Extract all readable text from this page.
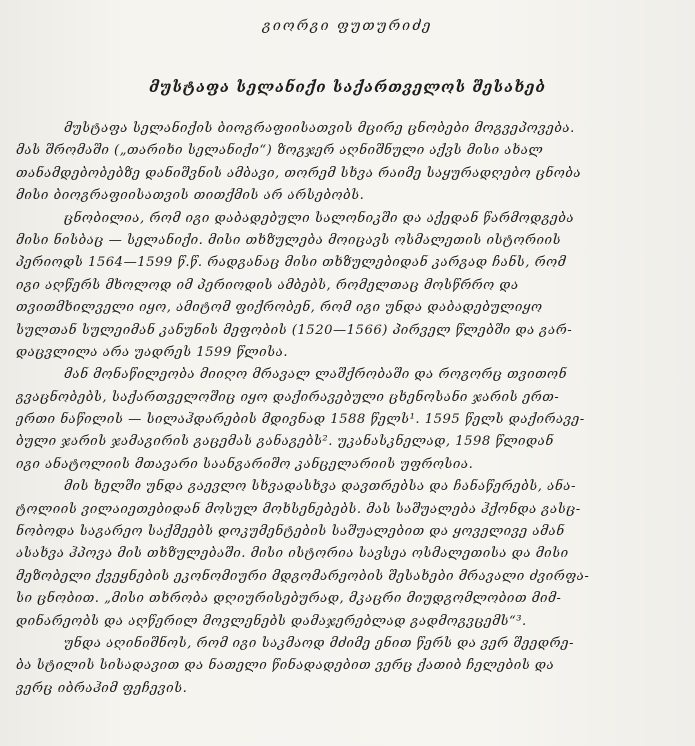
გიორგი ფუთურიძე
მუსტაფა სელანიქი საქართველოს შესახებ
მუსტაფა სელანიქის ბიოგრაფიისათვის მცირე ცნობები მოგვეპოვება.
მას შრომაში („თარიხი სელანიქი“) ზოგჯერ აღნიშნული აქვს მისი ახალ
თანამდებობებზე დანიშვნის ამბავი, თორემ სხვა რაიმე საყურადღებო ცნობა
მისი ბიოგრაფიისათვის თითქმის არ არსებობს.
ცნობილია, რომ იგი დაბადებული სალონიკში და აქედან წარმოდგება
მისი ნისბაც — სელანიქი. მისი თხზულება მოიცავს ოსმალეთის ისტორიის
პერიოდს 1564—1599 წ.წ. რადგანაც მისი თხზულებიდან კარგად ჩანს, რომ
იგი აღწერს მხოლოდ იმ პერიოდის ამბებს, რომელთაც მოსწრრო და
თვითმხილველი იყო, ამიტომ ფიქრობენ, რომ იგი უნდა დაბადებულიყო
სულთან სულეიმან კანუნის მეფობის (1520—1566) პირველ წლებში და გარ-
დაცვლილა არა უადრეს 1599 წლისა.
მან მონაწილეობა მიიღო მრავალ ლაშქრობაში და როგორც თვითონ
გვაცნობებს, საქართველოშიც იყო დაქირავებული ცხენოსანი ჯარის ერთ-
ერთი ნაწილის — სილაჰდარების მდივნად 1588 წელს¹. 1595 წელს დაქირავე-
ბული ჯარის ჯამაგირის გაცემას განაგებს². უკანასკნელად, 1598 წლიდან
იგი ანატოლიის მთავარი საანგარიშო კანცელარიის უფროსია.
მის ხელში უნდა გაევლო სხვადასხვა დავთრებსა და ჩანაწერებს, ანა-
ტოლიის ვილაიეთებიდან მოსულ მოხსენებებს. მას საშუალება ჰქონდა გასც-
ნობოდა საგარეო საქმეებს დოკუმენტების საშუალებით და ყოველივე ამან
ასახვა ჰპოვა მის თხზულებაში. მისი ისტორია სავსეა ოსმალეთისა და მისი
მეზობელი ქვეყნების ეკონომიური მდგომარეობის შესახები მრავალი ძვირფა-
სი ცნობით. „მისი თხრობა დღიურისებურად, მკაცრი მიუდგომლობით მიმ-
დინარეობს და აღწერილ მოვლენებს დამაჯერებლად გადმოგვცემს“³.
უნდა აღინიშნოს, რომ იგი საკმაოდ მძიმე ენით წერს და ვერ შეედრე-
ბა სტილის სისადავით და ნათელი წინადადებით ვერც ქათიბ ჩელების და
ვერც იბრაჰიმ ფეჩევის.
